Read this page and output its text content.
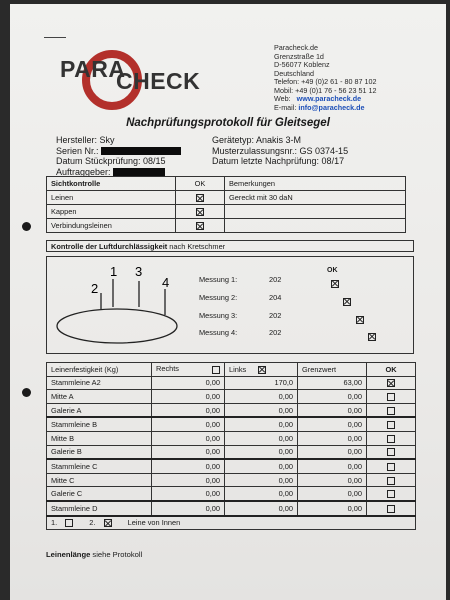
PARA
CHECK
Paracheck.de
Grenzstraße 1d
D-56077 Koblenz
Deutschland
Telefon: +49 (0)2 61 - 80 87 102
Mobil: +49 (0)1 76 - 56 23 51 12
Web: www.paracheck.de
E-mail: info@paracheck.de
Nachprüfungsprotokoll für Gleitsegel
Hersteller: Sky
Serien Nr.:
Datum Stückprüfung: 08/15
Auftraggeber:
Gerätetyp: Anakis 3-M
Musterzulassungsnr.: GS 0374-15
Datum letzte Nachprüfung: 08/17
Sichtkontrolle	OK	Bemerkungen
Leinen		Gereckt mit 30 daN
Kappen		
Verbindungsleinen		
Kontrolle der Luftdurchlässigkeit nach Kretschmer
2
1 3
4
OK
Messung 1:	202

Messung 2:	204

Messung 3:	202

Messung 4:	202
Leinenfestigkeit (Kg)	Rechts	Links	Grenzwert	OK
Stammleine A2	0,00	170,0	63,00	
Mitte A	0,00	0,00	0,00	
Galerie A	0,00	0,00	0,00	
Stammleine B	0,00	0,00	0,00	
Mitte B	0,00	0,00	0,00	
Galerie B	0,00	0,00	0,00	
Stammleine C	0,00	0,00	0,00	
Mitte C	0,00	0,00	0,00	
Galerie C	0,00	0,00	0,00	
Stammleine D	0,00	0,00	0,00	
1. 2. Leine von Innen				
Leinenlänge siehe Protokoll
